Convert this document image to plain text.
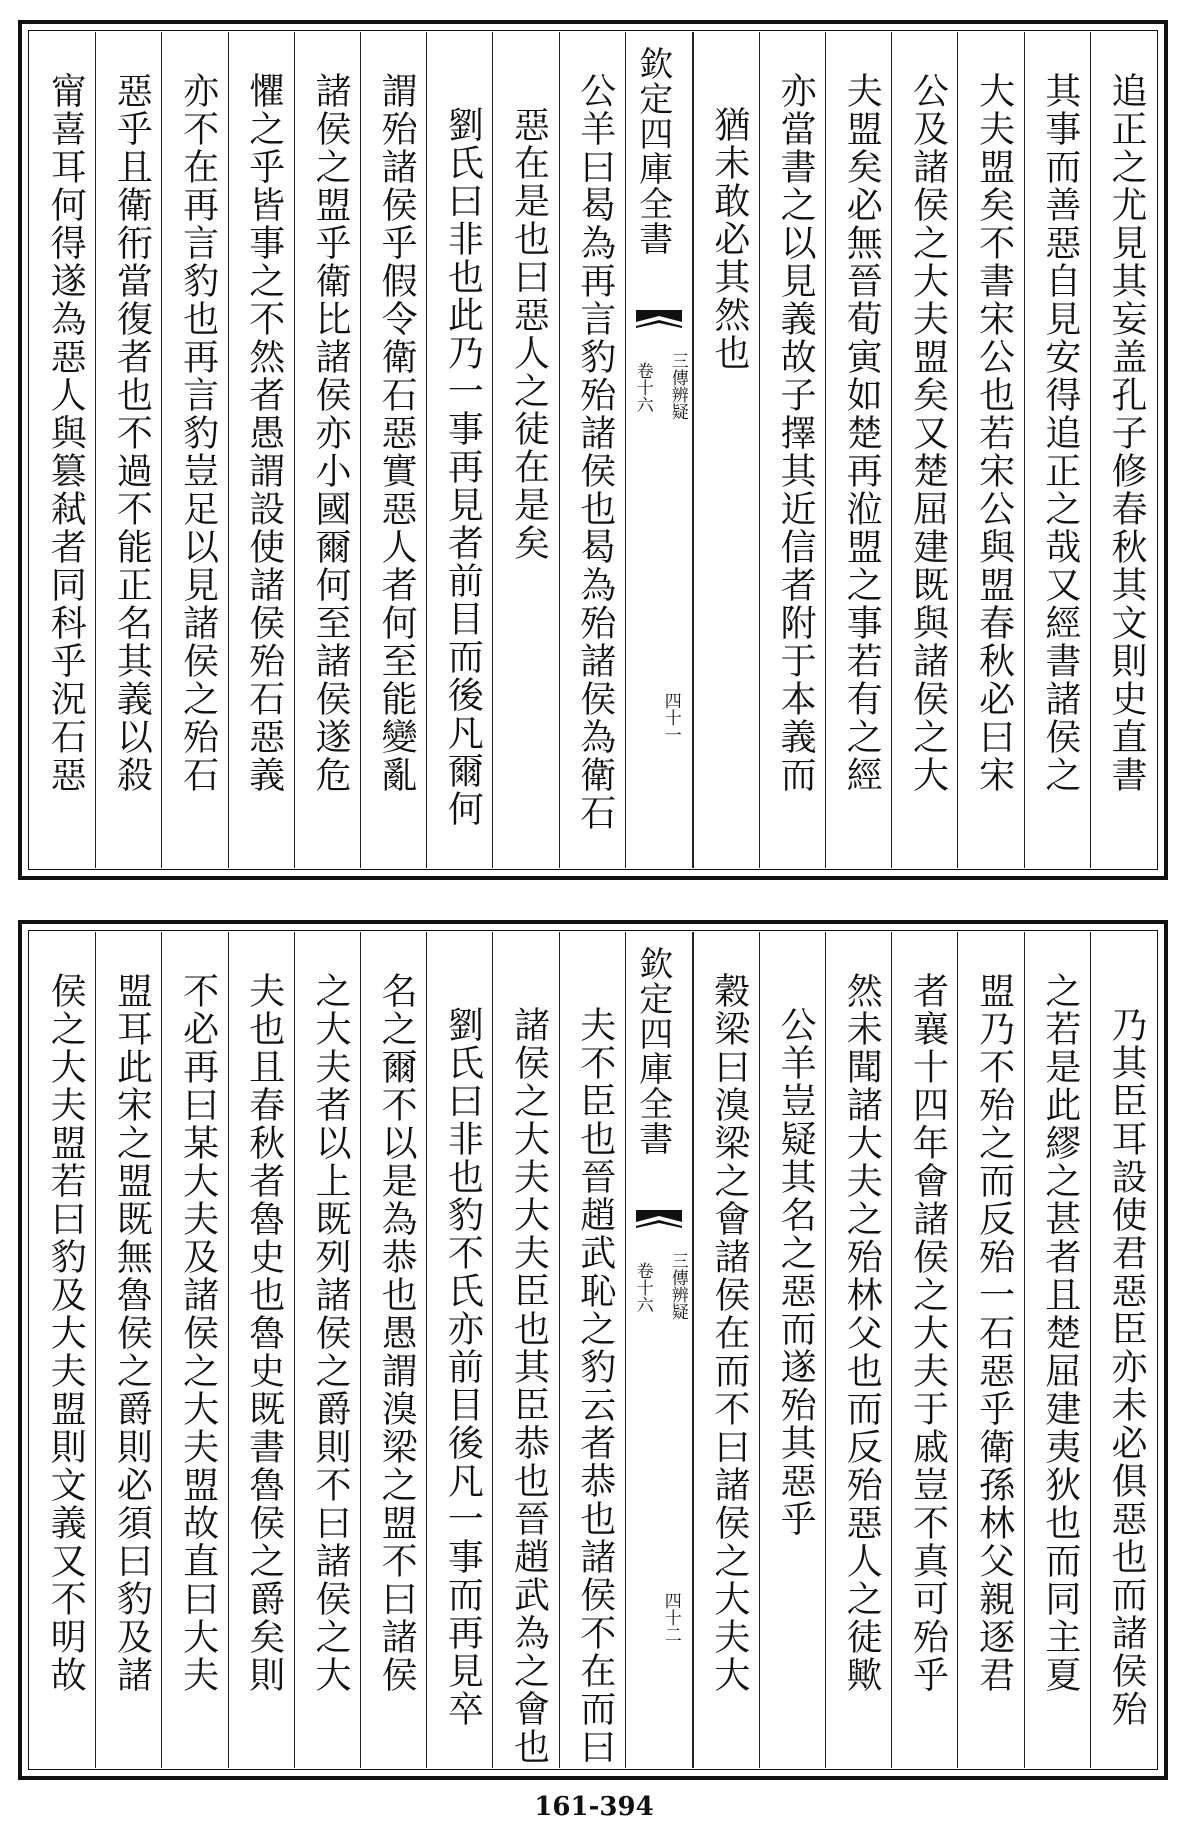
追正之尤見其妄盖孔子修春秋其文則史直書
其事而善惡自見安得追正之哉又經書諸侯之
大夫盟矣不書宋公也若宋公與盟春秋必曰宋
公及諸侯之大夫盟矣又楚屈建既與諸侯之大
夫盟矣必無晉荀寅如楚再涖盟之事若有之經
亦當書之以見義故子擇其近信者附于本義而
猶未敢必其然也
欽定四庫全書
三傳辨疑
卷十六
四十一
公羊曰曷為再言豹殆諸侯也曷為殆諸侯為衛石
惡在是也曰惡人之徒在是矣
劉氏曰非也此乃一事再見者前目而後凡爾何
謂殆諸侯乎假令衛石惡實惡人者何至能變亂
諸侯之盟乎衛比諸侯亦小國爾何至諸侯遂危
懼之乎皆事之不然者愚謂設使諸侯殆石惡義
亦不在再言豹也再言豹豈足以見諸侯之殆石
惡乎且衛衎當復者也不過不能正名其義以殺
甯喜耳何得遂為惡人與篡弒者同科乎況石惡
乃其臣耳設使君惡臣亦未必俱惡也而諸侯殆
之若是此繆之甚者且楚屈建夷狄也而同主夏
盟乃不殆之而反殆一石惡乎衛孫林父親逐君
者襄十四年會諸侯之大夫于戚豈不真可殆乎
然未聞諸大夫之殆林父也而反殆惡人之徒歟
公羊豈疑其名之惡而遂殆其惡乎
穀梁曰溴梁之會諸侯在而不曰諸侯之大夫大
欽定四庫全書
三傳辨疑
卷十六
四十二
夫不臣也晉趙武恥之豹云者恭也諸侯不在而曰
諸侯之大夫大夫臣也其臣恭也晉趙武為之會也
劉氏曰非也豹不氏亦前目後凡一事而再見卒
名之爾不以是為恭也愚謂溴梁之盟不曰諸侯
之大夫者以上既列諸侯之爵則不曰諸侯之大
夫也且春秋者魯史也魯史既書魯侯之爵矣則
不必再曰某大夫及諸侯之大夫盟故直曰大夫
盟耳此宋之盟既無魯侯之爵則必須曰豹及諸
侯之大夫盟若曰豹及大夫盟則文義又不明故
161-394
